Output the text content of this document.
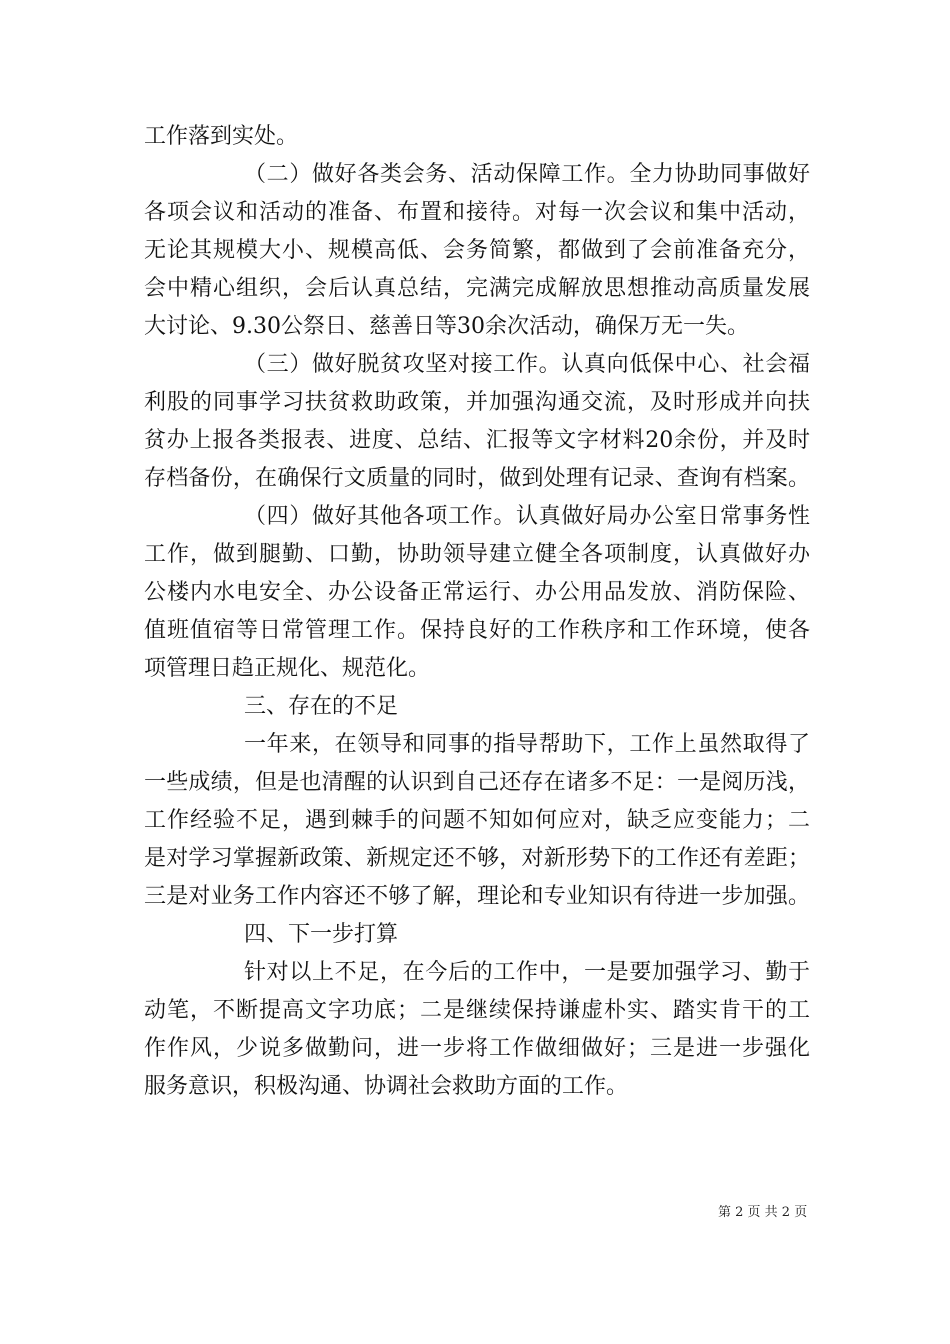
工作落到实处。
（二）做好各类会务、活动保障工作。全力协助同事做好
各项会议和活动的准备、布置和接待。对每一次会议和集中活动，
无论其规模大小、规模高低、会务简繁，都做到了会前准备充分，
会中精心组织，会后认真总结，完满完成解放思想推动高质量发展
大讨论、9.30公祭日、慈善日等30余次活动，确保万无一失。
（三）做好脱贫攻坚对接工作。认真向低保中心、社会福
利股的同事学习扶贫救助政策，并加强沟通交流，及时形成并向扶
贫办上报各类报表、进度、总结、汇报等文字材料20余份，并及时
存档备份，在确保行文质量的同时，做到处理有记录、查询有档案。
（四）做好其他各项工作。认真做好局办公室日常事务性
工作，做到腿勤、口勤，协助领导建立健全各项制度，认真做好办
公楼内水电安全、办公设备正常运行、办公用品发放、消防保险、
值班值宿等日常管理工作。保持良好的工作秩序和工作环境，使各
项管理日趋正规化、规范化。
三、存在的不足
一年来，在领导和同事的指导帮助下，工作上虽然取得了
一些成绩，但是也清醒的认识到自己还存在诸多不足：一是阅历浅，
工作经验不足，遇到棘手的问题不知如何应对，缺乏应变能力；二
是对学习掌握新政策、新规定还不够，对新形势下的工作还有差距；
三是对业务工作内容还不够了解，理论和专业知识有待进一步加强。
四、下一步打算
针对以上不足，在今后的工作中，一是要加强学习、勤于
动笔，不断提高文字功底；二是继续保持谦虚朴实、踏实肯干的工
作作风，少说多做勤问，进一步将工作做细做好；三是进一步强化
服务意识，积极沟通、协调社会救助方面的工作。
第 2 页 共 2 页
